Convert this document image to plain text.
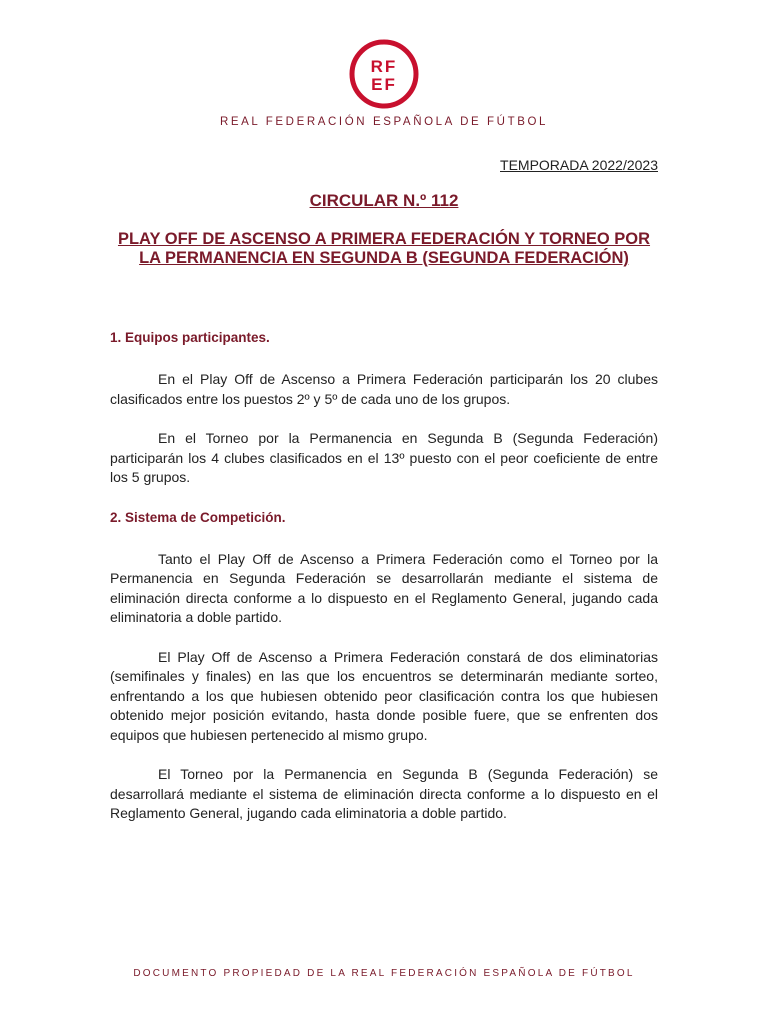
RF
EF
REAL FEDERACIÓN ESPAÑOLA DE FÚTBOL
TEMPORADA 2022/2023
CIRCULAR N.º 112
PLAY OFF DE ASCENSO A PRIMERA FEDERACIÓN Y TORNEO POR LA PERMANENCIA EN SEGUNDA B (SEGUNDA FEDERACIÓN)
1. Equipos participantes.

En el Play Off de Ascenso a Primera Federación participarán los 20 clubes clasificados entre los puestos 2º y 5º de cada uno de los grupos.

En el Torneo por la Permanencia en Segunda B (Segunda Federación) participarán los 4 clubes clasificados en el 13º puesto con el peor coeficiente de entre los 5 grupos.

2. Sistema de Competición.

Tanto el Play Off de Ascenso a Primera Federación como el Torneo por la Permanencia en Segunda Federación se desarrollarán mediante el sistema de eliminación directa conforme a lo dispuesto en el Reglamento General, jugando cada eliminatoria a doble partido.

El Play Off de Ascenso a Primera Federación constará de dos eliminatorias (semifinales y finales) en las que los encuentros se determinarán mediante sorteo, enfrentando a los que hubiesen obtenido peor clasificación contra los que hubiesen obtenido mejor posición evitando, hasta donde posible fuere, que se enfrenten dos equipos que hubiesen pertenecido al mismo grupo.

El Torneo por la Permanencia en Segunda B (Segunda Federación) se desarrollará mediante el sistema de eliminación directa conforme a lo dispuesto en el Reglamento General, jugando cada eliminatoria a doble partido.

DOCUMENTO PROPIEDAD DE LA REAL FEDERACIÓN ESPAÑOLA DE FÚTBOL
